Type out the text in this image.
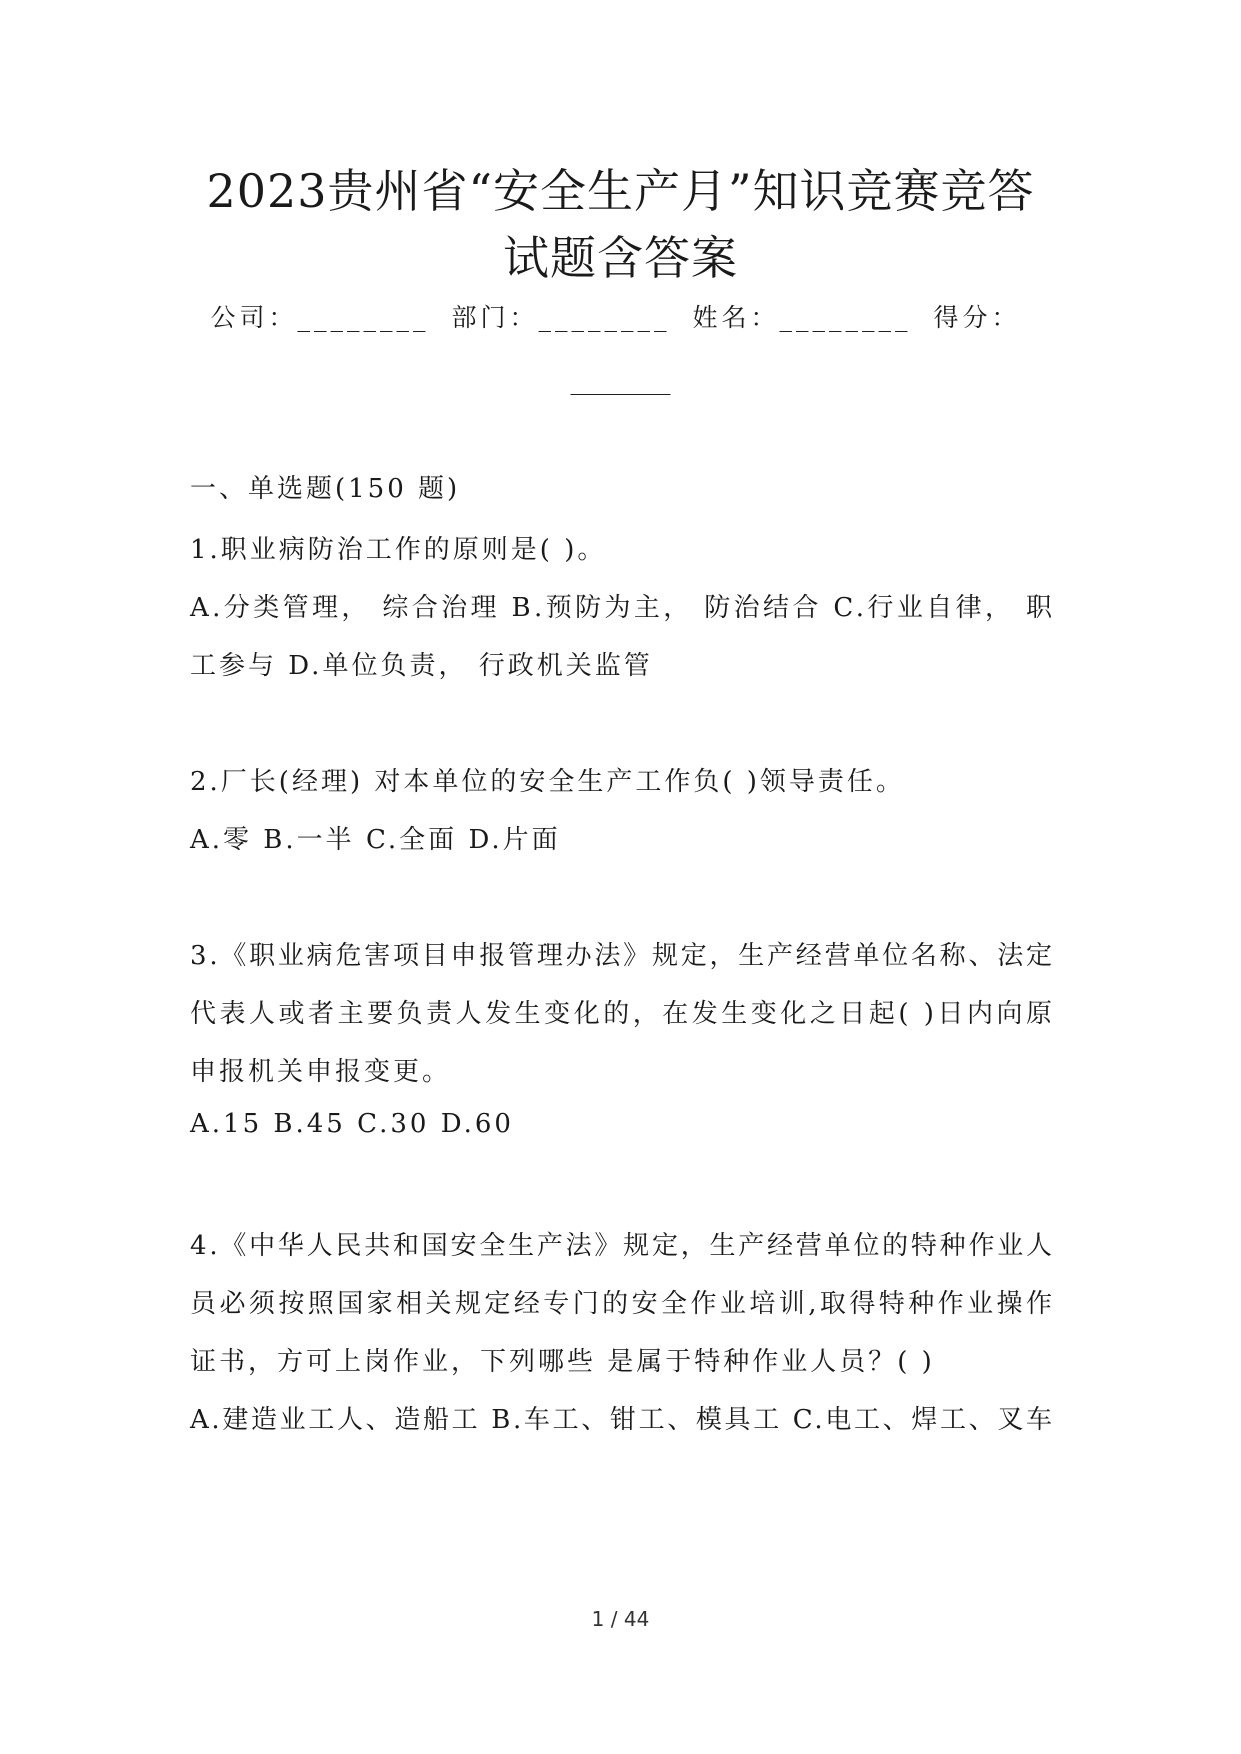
2023贵州省“安全生产月”知识竞赛竞答
试题含答案
公司：________ 部门：________ 姓名：________ 得分：
________
一、单选题(150 题)
1.职业病防治工作的原则是( )。
A.分类管理， 综合治理 B.预防为主， 防治结合 C.行业自律， 职
工参与 D.单位负责， 行政机关监管
2.厂长(经理) 对本单位的安全生产工作负( )领导责任。
A.零 B.一半 C.全面 D.片面
3.《职业病危害项目申报管理办法》规定，生产经营单位名称、法定
代表人或者主要负责人发生变化的，在发生变化之日起( )日内向原
申报机关申报变更。
A.15 B.45 C.30 D.60
4.《中华人民共和国安全生产法》规定，生产经营单位的特种作业人
员必须按照国家相关规定经专门的安全作业培训,取得特种作业操作
证书，方可上岗作业，下列哪些 是属于特种作业人员？( )
A.建造业工人、造船工 B.车工、钳工、模具工 C.电工、焊工、叉车
1 / 44
